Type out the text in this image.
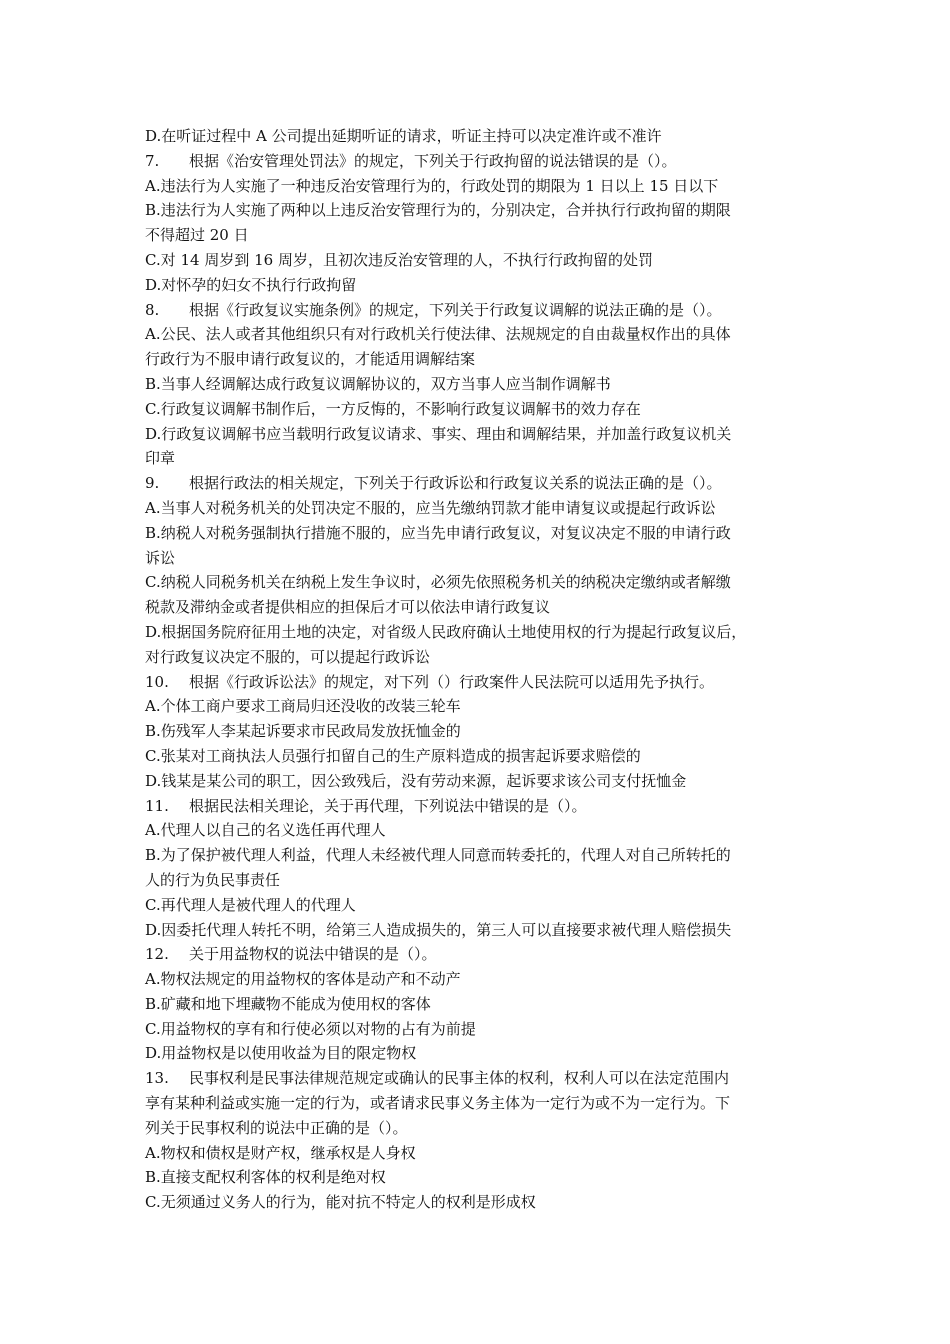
D.在听证过程中 A 公司提出延期听证的请求，听证主持可以决定准许或不准许
7. 根据《治安管理处罚法》的规定，下列关于行政拘留的说法错误的是（）。
A.违法行为人实施了一种违反治安管理行为的，行政处罚的期限为 1 日以上 15 日以下
B.违法行为人实施了两种以上违反治安管理行为的，分别决定，合并执行行政拘留的期限
不得超过 20 日
C.对 14 周岁到 16 周岁，且初次违反治安管理的人，不执行行政拘留的处罚
D.对怀孕的妇女不执行行政拘留
8. 根据《行政复议实施条例》的规定，下列关于行政复议调解的说法正确的是（）。
A.公民、法人或者其他组织只有对行政机关行使法律、法规规定的自由裁量权作出的具体
行政行为不服申请行政复议的，才能适用调解结案
B.当事人经调解达成行政复议调解协议的，双方当事人应当制作调解书
C.行政复议调解书制作后，一方反悔的，不影响行政复议调解书的效力存在
D.行政复议调解书应当载明行政复议请求、事实、理由和调解结果，并加盖行政复议机关
印章
9. 根据行政法的相关规定，下列关于行政诉讼和行政复议关系的说法正确的是（）。
A.当事人对税务机关的处罚决定不服的，应当先缴纳罚款才能申请复议或提起行政诉讼
B.纳税人对税务强制执行措施不服的，应当先申请行政复议，对复议决定不服的申请行政
诉讼
C.纳税人同税务机关在纳税上发生争议时，必须先依照税务机关的纳税决定缴纳或者解缴
税款及滞纳金或者提供相应的担保后才可以依法申请行政复议
D.根据国务院府征用土地的决定，对省级人民政府确认土地使用权的行为提起行政复议后，
对行政复议决定不服的，可以提起行政诉讼
10. 根据《行政诉讼法》的规定，对下列（）行政案件人民法院可以适用先予执行。
A.个体工商户要求工商局归还没收的改装三轮车
B.伤残军人李某起诉要求市民政局发放抚恤金的
C.张某对工商执法人员强行扣留自己的生产原料造成的损害起诉要求赔偿的
D.钱某是某公司的职工，因公致残后，没有劳动来源，起诉要求该公司支付抚恤金
11. 根据民法相关理论，关于再代理，下列说法中错误的是（）。
A.代理人以自己的名义选任再代理人
B.为了保护被代理人利益，代理人未经被代理人同意而转委托的，代理人对自己所转托的
人的行为负民事责任
C.再代理人是被代理人的代理人
D.因委托代理人转托不明，给第三人造成损失的，第三人可以直接要求被代理人赔偿损失
12. 关于用益物权的说法中错误的是（）。
A.物权法规定的用益物权的客体是动产和不动产
B.矿藏和地下埋藏物不能成为使用权的客体
C.用益物权的享有和行使必须以对物的占有为前提
D.用益物权是以使用收益为目的限定物权
13. 民事权利是民事法律规范规定或确认的民事主体的权利，权利人可以在法定范围内
享有某种利益或实施一定的行为，或者请求民事义务主体为一定行为或不为一定行为。下
列关于民事权利的说法中正确的是（）。
A.物权和债权是财产权，继承权是人身权
B.直接支配权利客体的权利是绝对权
C.无须通过义务人的行为，能对抗不特定人的权利是形成权
